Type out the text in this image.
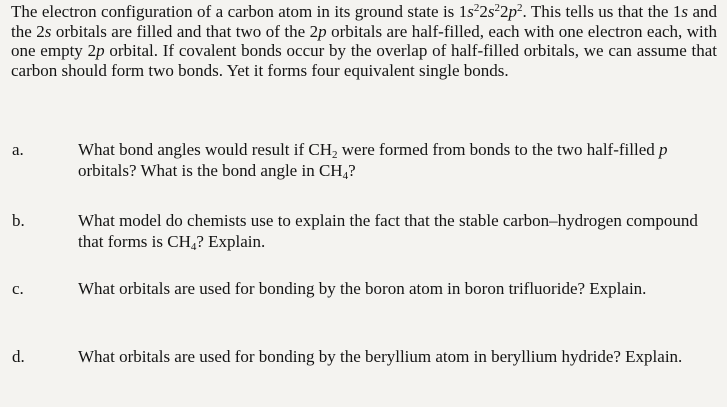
The electron configuration of a carbon atom in its ground state is $1s^22s^22p^2$. This tells us that the 1s and the 2s orbitals are filled and that two of the 2p orbitals are half-filled, each with one electron each, with one empty 2p orbital. If covalent bonds occur by the overlap of half-filled orbitals, we can assume that carbon should form two bonds. Yet it forms four equivalent single bonds.

a.	What bond angles would result if $CH_2$ were formed from bonds to the two half-filled p orbitals? What is the bond angle in $CH_4$?
b.	What model do chemists use to explain the fact that the stable carbon–hydrogen compound that forms is $CH_4$? Explain.
c.	What orbitals are used for bonding by the boron atom in boron trifluoride? Explain.
d.	What orbitals are used for bonding by the beryllium atom in beryllium hydride? Explain.
